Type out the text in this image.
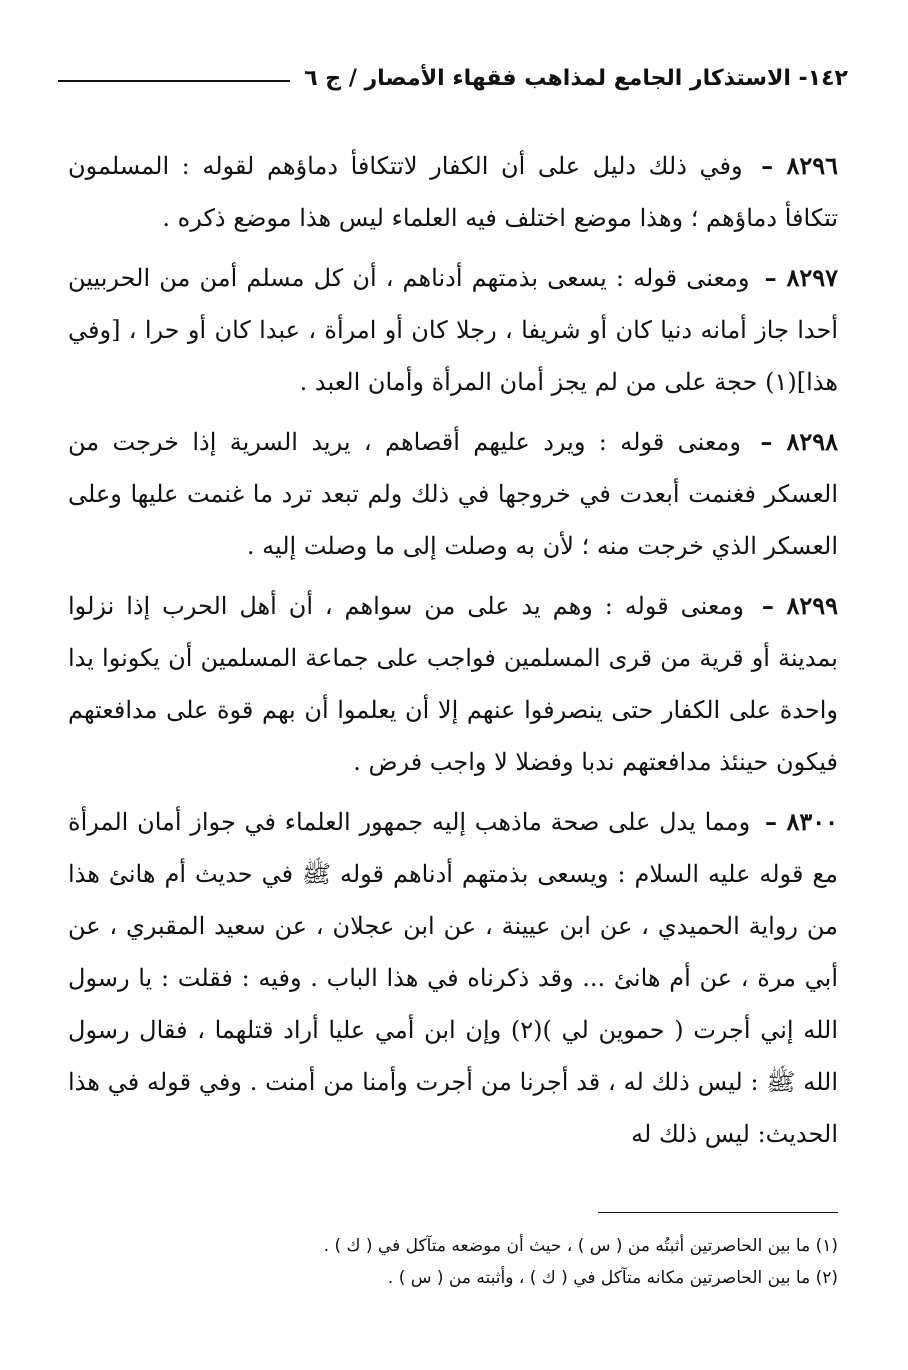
١٤٢- الاستذكار الجامع لمذاهب فقهاء الأمصار / ج ٦

٨٢٩٦ – وفي ذلك دليل على أن الكفار لاتتكافأ دماؤهم لقوله : المسلمون تتكافأ دماؤهم ؛ وهذا موضع اختلف فيه العلماء ليس هذا موضع ذكره .

٨٢٩٧ – ومعنى قوله : يسعى بذمتهم أدناهم ، أن كل مسلم أمن من الحربيين أحدا جاز أمانه دنيا كان أو شريفا ، رجلا كان أو امرأة ، عبدا كان أو حرا ، [وفي هذا](١) حجة على من لم يجز أمان المرأة وأمان العبد .

٨٢٩٨ – ومعنى قوله : ويرد عليهم أقصاهم ، يريد السرية إذا خرجت من العسكر فغنمت أبعدت في خروجها في ذلك ولم تبعد ترد ما غنمت عليها وعلى العسكر الذي خرجت منه ؛ لأن به وصلت إلى ما وصلت إليه .

٨٢٩٩ – ومعنى قوله : وهم يد على من سواهم ، أن أهل الحرب إذا نزلوا بمدينة أو قرية من قرى المسلمين فواجب على جماعة المسلمين أن يكونوا يدا واحدة على الكفار حتى ينصرفوا عنهم إلا أن يعلموا أن بهم قوة على مدافعتهم فيكون حينئذ مدافعتهم ندبا وفضلا لا واجب فرض .

٨٣٠٠ – ومما يدل على صحة ماذهب إليه جمهور العلماء في جواز أمان المرأة مع قوله عليه السلام : ويسعى بذمتهم أدناهم قوله ﷺ في حديث أم هانئ هذا من رواية الحميدي ، عن ابن عيينة ، عن ابن عجلان ، عن سعيد المقبري ، عن أبي مرة ، عن أم هانئ ... وقد ذكرناه في هذا الباب . وفيه : فقلت : يا رسول الله إني أجرت ( حموين لي )(٢) وإن ابن أمي عليا أراد قتلهما ، فقال رسول الله ﷺ : ليس ذلك له ، قد أجرنا من أجرت وأمنا من أمنت . وفي قوله في هذا الحديث: ليس ذلك له

(١) ما بين الحاصرتين أثبتُه من ( س ) ، حيث أن موضعه متآكل في ( ك ) .

(٢) ما بين الحاصرتين مكانه متآكل في ( ك ) ، وأثبته من ( س ) .
